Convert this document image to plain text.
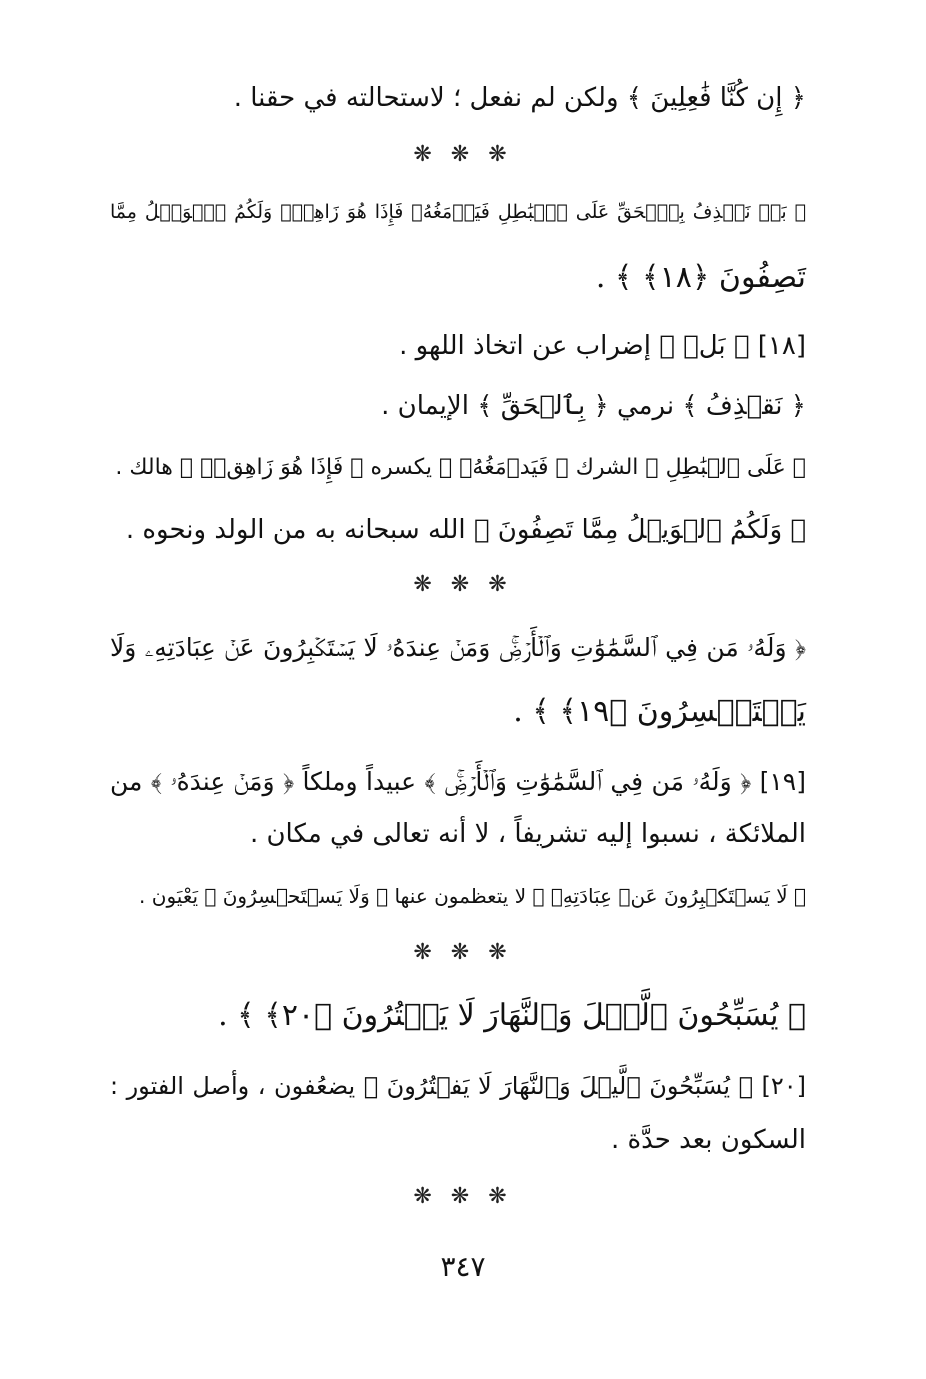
﴿ إِن كُنَّا فَٰعِلِينَ ﴾ ولكن لم نفعل ؛ لاستحالته في حقنا .
❋ ❋ ❋
﴿ بَلۡ نَقۡذِفُ بِٱلۡحَقِّ عَلَى ٱلۡبَٰطِلِ فَيَدۡمَغُهُۥ فَإِذَا هُوَ زَاهِقٞۚ وَلَكُمُ ٱلۡوَيۡلُ مِمَّا
تَصِفُونَ ﴿١٨﴾ ﴾ .
[١٨] ﴿ بَلۡ ﴾ إضراب عن اتخاذ اللهو .
﴿ نَقۡذِفُ ﴾ نرمي ﴿ بِٱلۡحَقِّ ﴾ الإيمان .
﴿ عَلَى ٱلۡبَٰطِلِ ﴾ الشرك ﴿ فَيَدۡمَغُهُۥ ﴾ يكسره ﴿ فَإِذَا هُوَ زَاهِقٞۚ ﴾ هالك .
﴿ وَلَكُمُ ٱلۡوَيۡلُ مِمَّا تَصِفُونَ ﴾ الله سبحانه به من الولد ونحوه .
❋ ❋ ❋
﴿ وَلَهُۥ مَن فِي ٱلسَّمَٰوَٰتِ وَٱلۡأَرۡضِۚ وَمَنۡ عِندَهُۥ لَا يَسۡتَكۡبِرُونَ عَنۡ عِبَادَتِهِۦ وَلَا
يَسۡتَحۡسِرُونَ ﴿١٩﴾ ﴾ .
[١٩] ﴿ وَلَهُۥ مَن فِي ٱلسَّمَٰوَٰتِ وَٱلۡأَرۡضِۚ ﴾ عبيداً وملكاً ﴿ وَمَنۡ عِندَهُۥ ﴾ من
الملائكة ، نسبوا إليه تشريفاً ، لا أنه تعالى في مكان .
﴿ لَا يَسۡتَكۡبِرُونَ عَنۡ عِبَادَتِهِۦ ﴾ لا يتعظمون عنها ﴿ وَلَا يَسۡتَحۡسِرُونَ ﴾ يَعْيَون .
❋ ❋ ❋
﴿ يُسَبِّحُونَ ٱلَّيۡلَ وَٱلنَّهَارَ لَا يَفۡتُرُونَ ﴿٢٠﴾ ﴾ .
[٢٠] ﴿ يُسَبِّحُونَ ٱلَّيۡلَ وَٱلنَّهَارَ لَا يَفۡتُرُونَ ﴾ يضعُفون ، وأصل الفتور :
السكون بعد حدَّة .
❋ ❋ ❋
٣٤٧
